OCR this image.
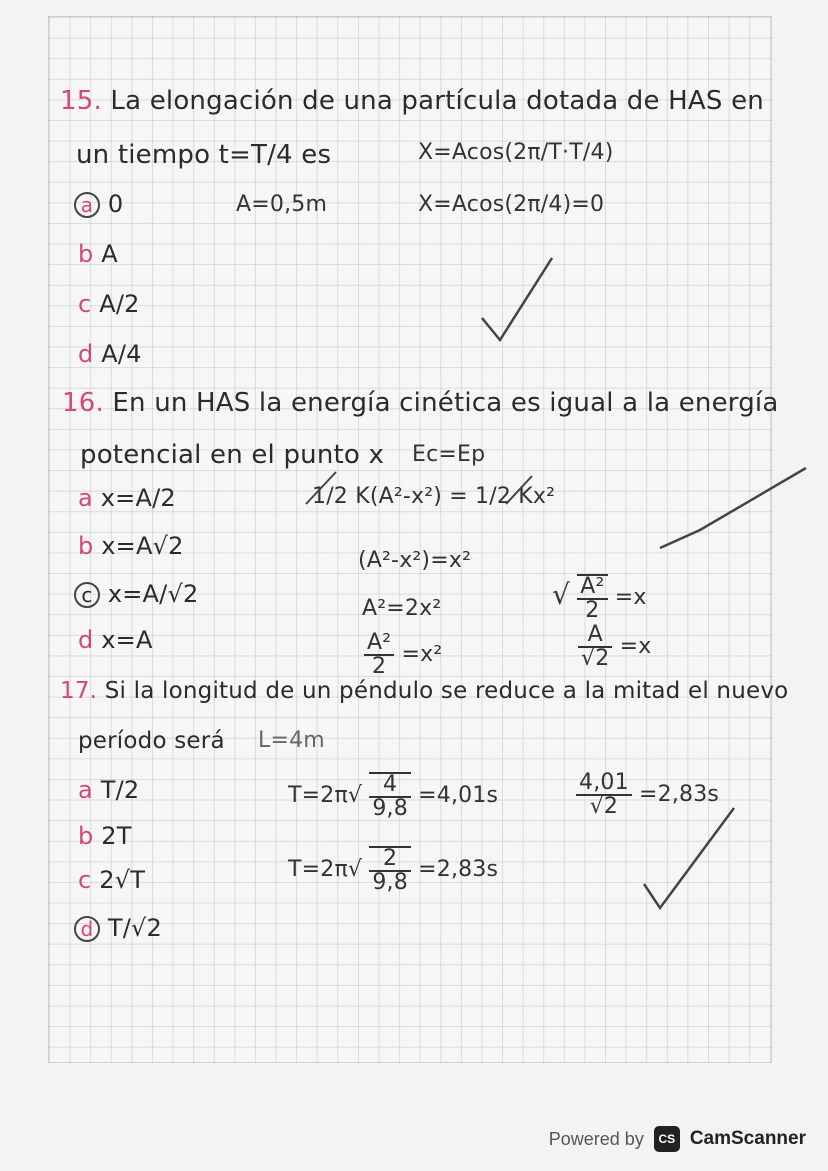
15. La elongación de una partícula dotada de HAS en
un tiempo t=T/4 es	X=Acos(2π/T·T/4)
X=Acos(2π/4)=0
A=0,5m
a 0
b A
c A/2
d A/4
16. En un HAS la energía cinética es igual a la energía
potencial en el punto x Ec=Ep
a x=A/2
b x=A√2
c x=A/√2
d x=A
1/2 K(A²-x²) = 1/2 Kx²
(A²-x²)=x²
A²=2x²
$\frac{\text{A²}}{2} =x^2$
√ $\frac{\text{A²}}{2} =x$
$\frac{A}{√2} =x$
17. Si la longitud de un péndulo se reduce a la mitad el nuevo
período será L=4m
a T/2
b 2T
c 2√T
d T/√2
$T=2\pi√ \frac{4}{9,8} =4,01s$	$\frac{4,01}{√2} =2,83s$
$T=2\pi√ \frac{2}{9,8} =2,83s$
Powered by	CS CamScanner
